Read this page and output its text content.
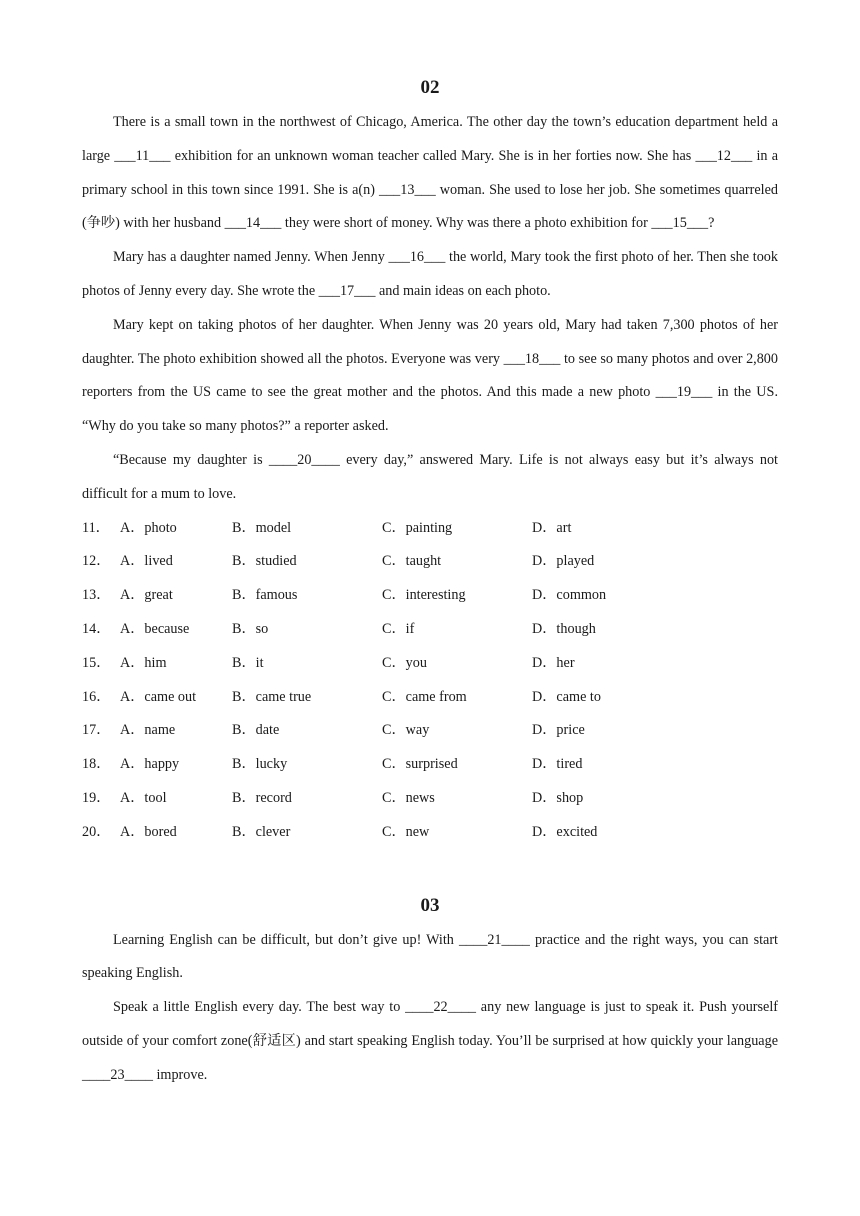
02

There is a small town in the northwest of Chicago, America. The other day the town’s education department held a large ___11___ exhibition for an unknown woman teacher called Mary. She is in her forties now. She has ___12___ in a primary school in this town since 1991. She is a(n) ___13___ woman. She used to lose her job. She sometimes quarreled (争吵) with her husband ___14___ they were short of money. Why was there a photo exhibition for ___15___?

Mary has a daughter named Jenny. When Jenny ___16___ the world, Mary took the first photo of her. Then she took photos of Jenny every day. She wrote the ___17___ and main ideas on each photo.

Mary kept on taking photos of her daughter. When Jenny was 20 years old, Mary had taken 7,300 photos of her daughter. The photo exhibition showed all the photos. Everyone was very ___18___ to see so many photos and over 2,800 reporters from the US came to see the great mother and the photos. And this made a new photo ___19___ in the US. “Why do you take so many photos?” a reporter asked.

“Because my daughter is ____20____ every day,” answered Mary. Life is not always easy but it’s always not difficult for a mum to love.

11． A．photo	B．model	C．painting	D．art
12． A．lived	B．studied	C．taught	D．played
13． A．great	B．famous	C．interesting	D．common
14． A．because	B．so	C．if	D．though
15． A．him	B．it	C．you	D．her
16． A．came out	B．came true	C．came from	D．came to
17． A．name	B．date	C．way	D．price
18． A．happy	B．lucky	C．surprised	D．tired
19． A．tool	B．record	C．news	D．shop
20． A．bored	B．clever	C．new	D．excited
03

Learning English can be difficult, but don’t give up! With ____21____ practice and the right ways, you can start speaking English.

Speak a little English every day. The best way to ____22____ any new language is just to speak it. Push yourself outside of your comfort zone(舒适区) and start speaking English today. You’ll be surprised at how quickly your language ____23____ improve.
